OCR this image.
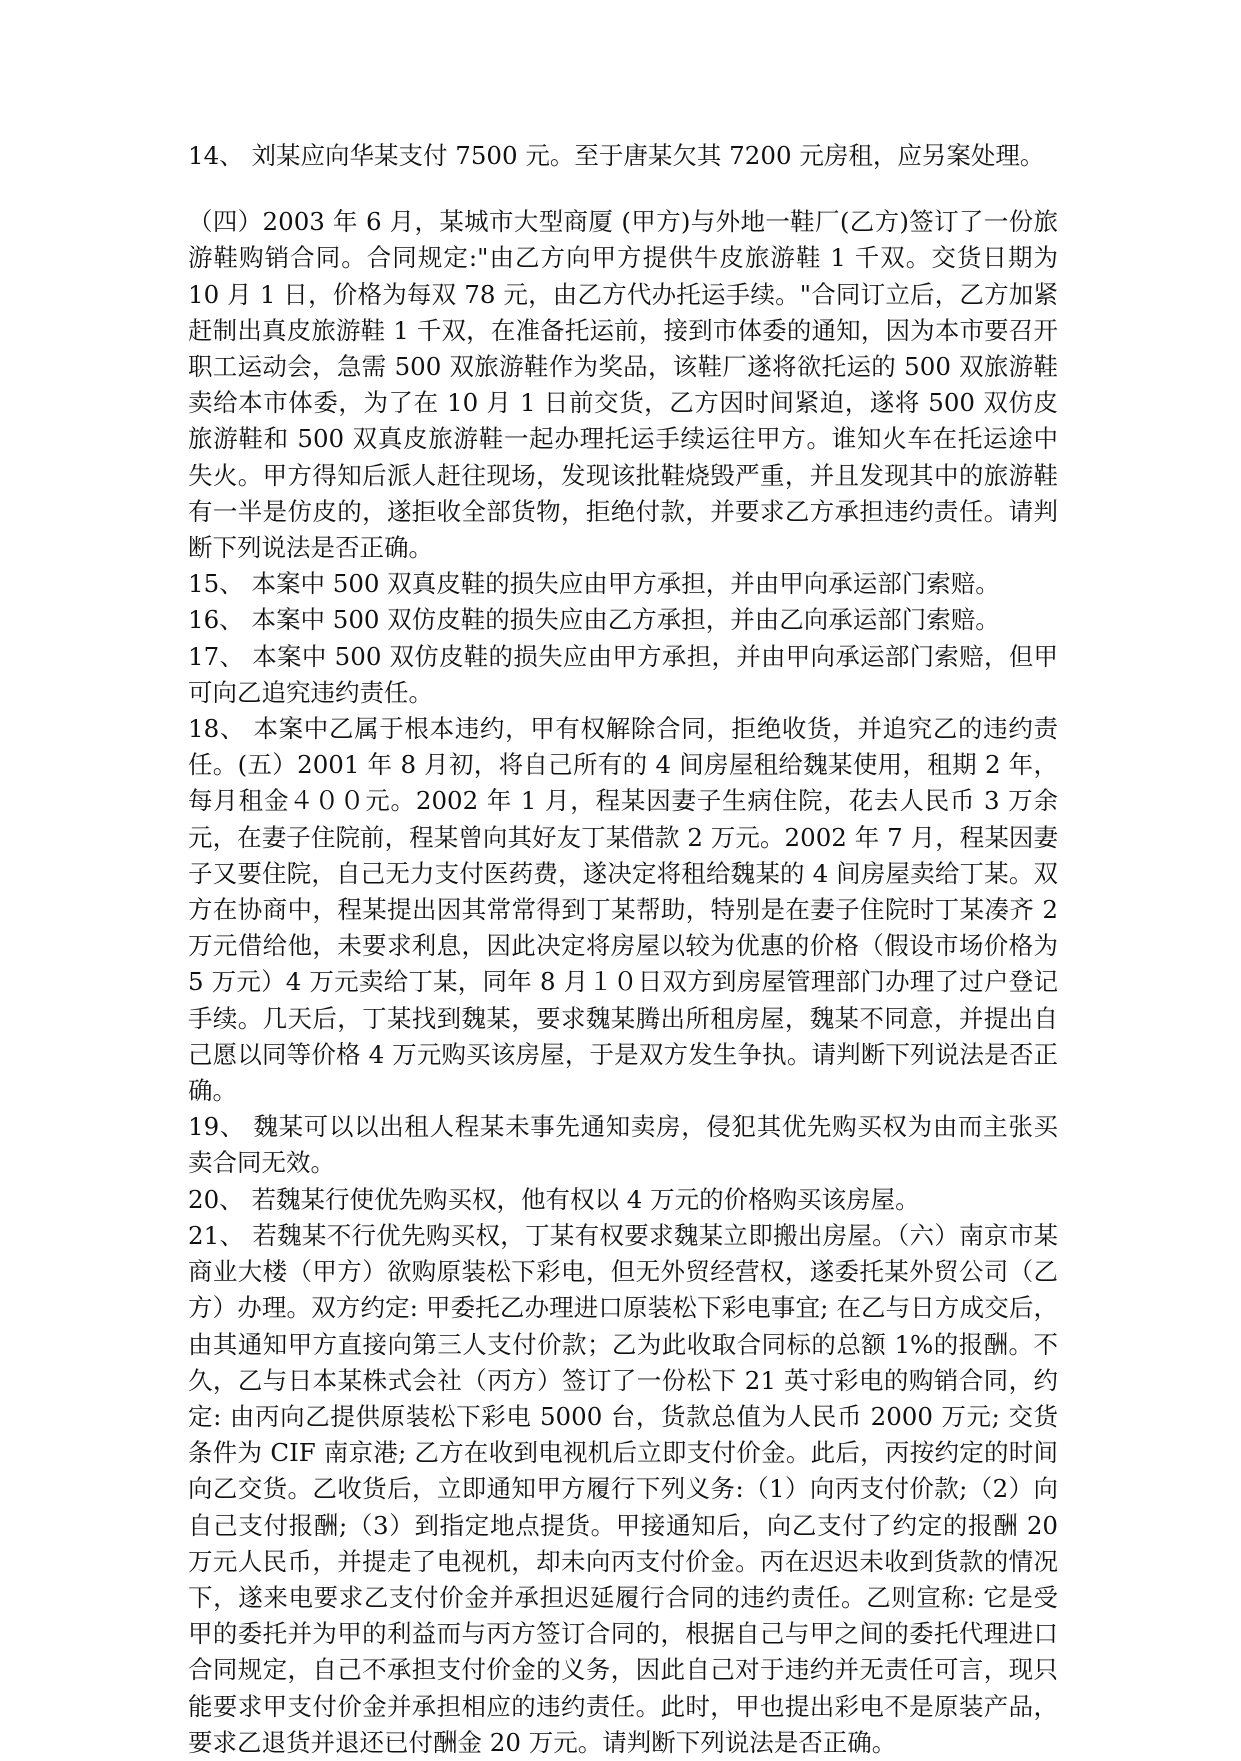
14、 刘某应向华某支付 7500 元。至于唐某欠其 7200 元房租，应另案处理。

（四）2003 年 6 月，某城市大型商厦 (甲方)与外地一鞋厂(乙方)签订了一份旅游鞋购销合同。合同规定:"由乙方向甲方提供牛皮旅游鞋 1 千双。交货日期为 10 月 1 日，价格为每双 78 元，由乙方代办托运手续。"合同订立后，乙方加紧赶制出真皮旅游鞋 1 千双，在准备托运前，接到市体委的通知，因为本市要召开职工运动会，急需 500 双旅游鞋作为奖品，该鞋厂遂将欲托运的 500 双旅游鞋卖给本市体委，为了在 10 月 1 日前交货，乙方因时间紧迫，遂将 500 双仿皮旅游鞋和 500 双真皮旅游鞋一起办理托运手续运往甲方。谁知火车在托运途中失火。甲方得知后派人赶往现场，发现该批鞋烧毁严重，并且发现其中的旅游鞋有一半是仿皮的，遂拒收全部货物，拒绝付款，并要求乙方承担违约责任。请判断下列说法是否正确。

15、 本案中 500 双真皮鞋的损失应由甲方承担，并由甲向承运部门索赔。

16、 本案中 500 双仿皮鞋的损失应由乙方承担，并由乙向承运部门索赔。

17、 本案中 500 双仿皮鞋的损失应由甲方承担，并由甲向承运部门索赔，但甲可向乙追究违约责任。

18、 本案中乙属于根本违约，甲有权解除合同，拒绝收货，并追究乙的违约责任。(五）2001 年 8 月初，将自己所有的 4 间房屋租给魏某使用，租期 2 年，每月租金４００元。2002 年 1 月，程某因妻子生病住院，花去人民币 3 万余元，在妻子住院前，程某曾向其好友丁某借款 2 万元。2002 年 7 月，程某因妻子又要住院，自己无力支付医药费，遂决定将租给魏某的 4 间房屋卖给丁某。双方在协商中，程某提出因其常常得到丁某帮助，特别是在妻子住院时丁某凑齐 2 万元借给他，未要求利息，因此决定将房屋以较为优惠的价格（假设市场价格为 5 万元）4 万元卖给丁某，同年 8 月１０日双方到房屋管理部门办理了过户登记手续。几天后，丁某找到魏某，要求魏某腾出所租房屋，魏某不同意，并提出自己愿以同等价格 4 万元购买该房屋，于是双方发生争执。请判断下列说法是否正确。

19、 魏某可以以出租人程某未事先通知卖房，侵犯其优先购买权为由而主张买卖合同无效。

20、 若魏某行使优先购买权，他有权以 4 万元的价格购买该房屋。

21、 若魏某不行优先购买权，丁某有权要求魏某立即搬出房屋。（六）南京市某商业大楼（甲方）欲购原装松下彩电，但无外贸经营权，遂委托某外贸公司（乙方）办理。双方约定: 甲委托乙办理进口原装松下彩电事宜; 在乙与日方成交后，由其通知甲方直接向第三人支付价款；乙为此收取合同标的总额 1%的报酬。不久，乙与日本某株式会社（丙方）签订了一份松下 21 英寸彩电的购销合同，约定: 由丙向乙提供原装松下彩电 5000 台，货款总值为人民币 2000 万元; 交货条件为 CIF 南京港; 乙方在收到电视机后立即支付价金。此后，丙按约定的时间向乙交货。乙收货后，立即通知甲方履行下列义务:（1）向丙支付价款;（2）向自己支付报酬;（3）到指定地点提货。甲接通知后，向乙支付了约定的报酬 20 万元人民币，并提走了电视机，却未向丙支付价金。丙在迟迟未收到货款的情况下，遂来电要求乙支付价金并承担迟延履行合同的违约责任。乙则宣称: 它是受甲的委托并为甲的利益而与丙方签订合同的，根据自己与甲之间的委托代理进口合同规定，自己不承担支付价金的义务，因此自己对于违约并无责任可言，现只能要求甲支付价金并承担相应的违约责任。此时，甲也提出彩电不是原装产品，要求乙退货并退还已付酬金 20 万元。请判断下列说法是否正确。
